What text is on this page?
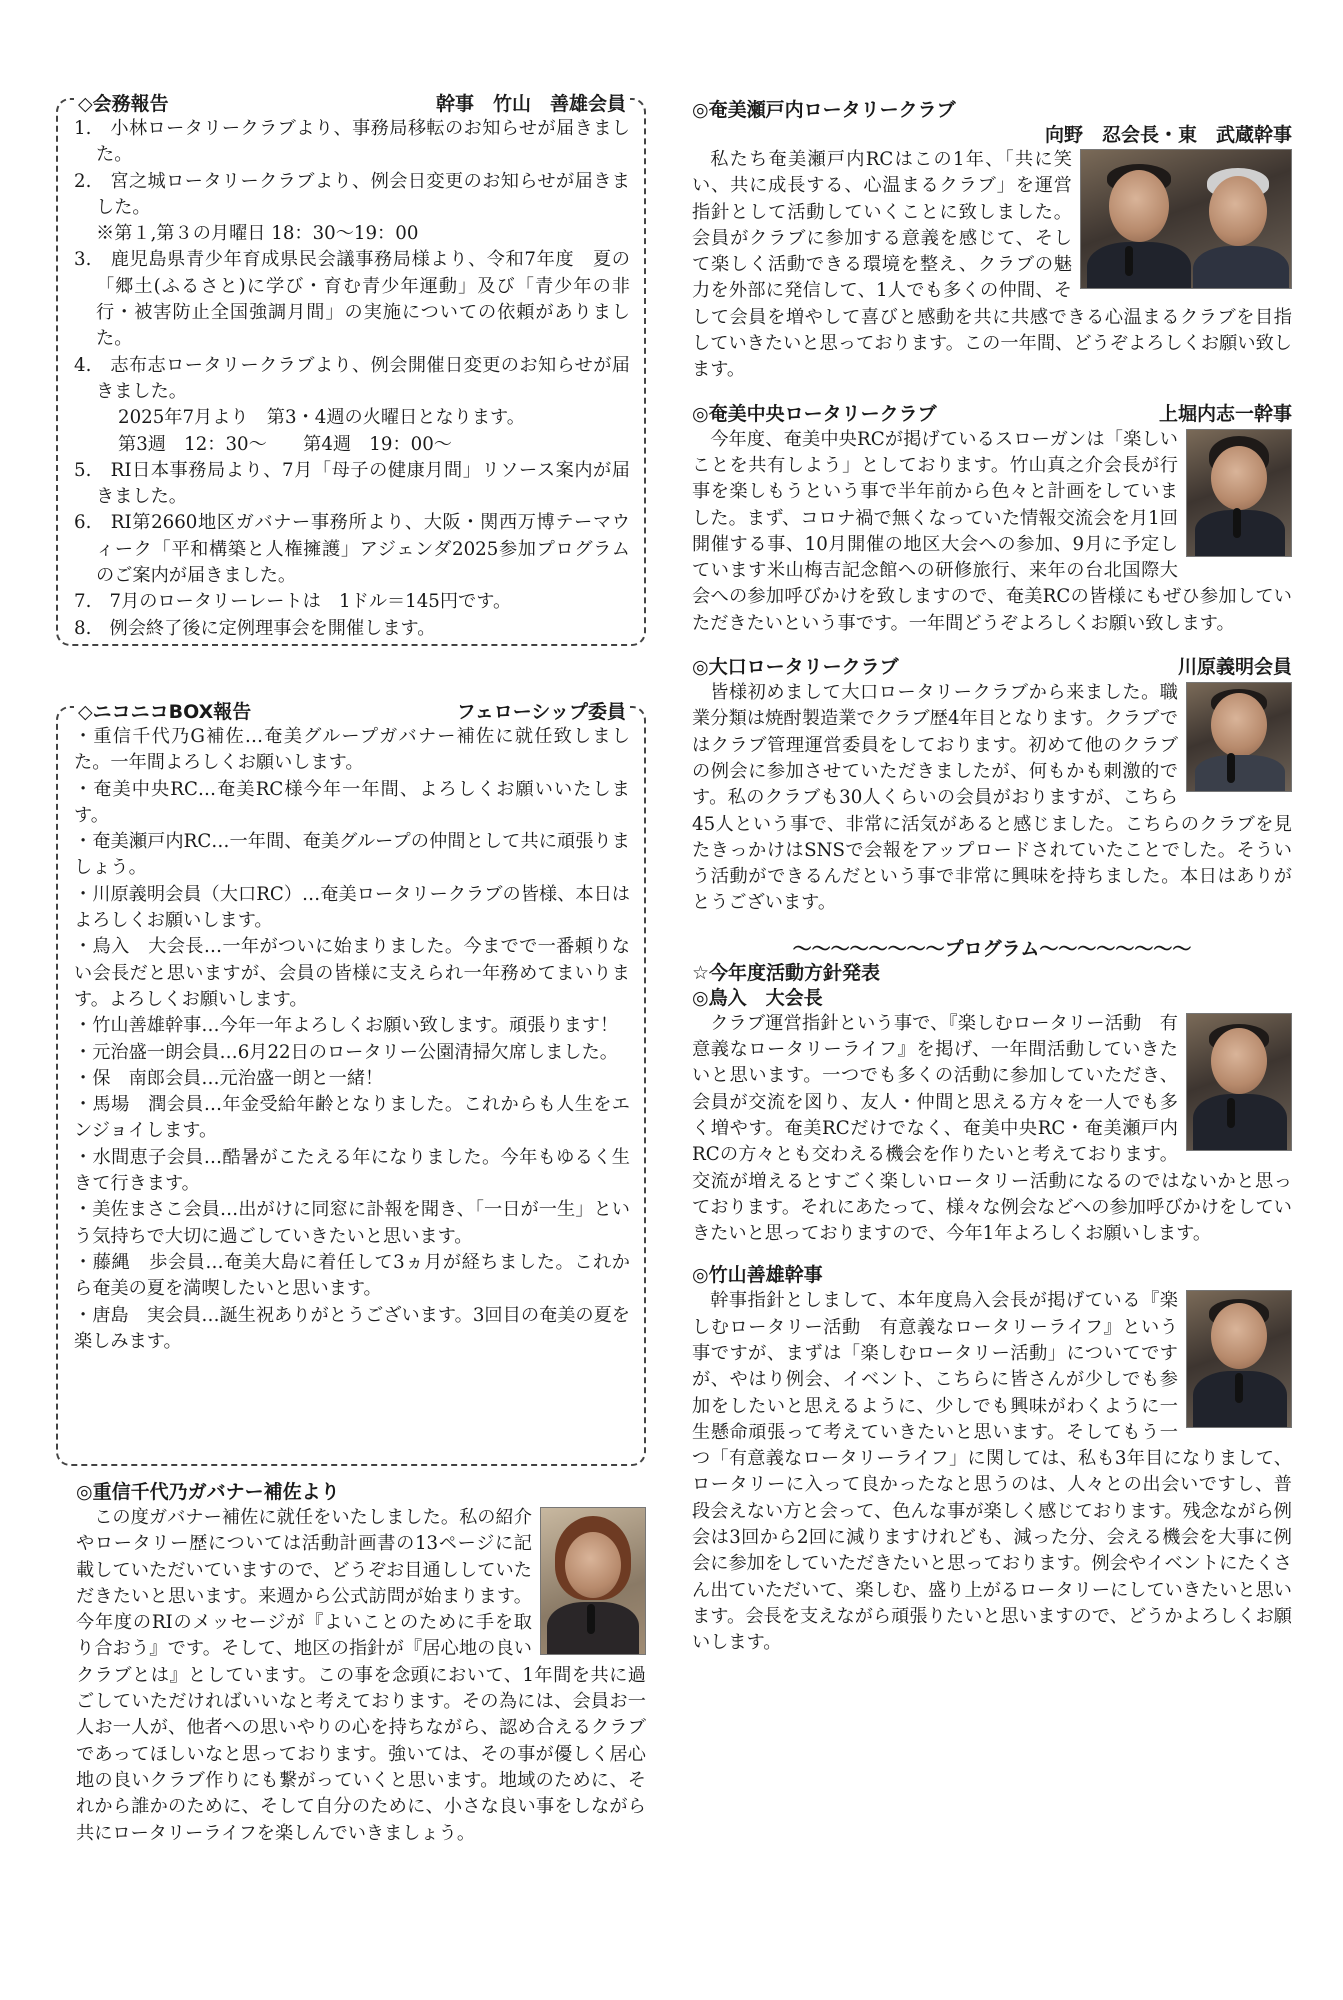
◇会務報告	幹事　竹山　善雄会員
1.　小林ロータリークラブより、事務局移転のお知らせが届きました。
2.　宮之城ロータリークラブより、例会日変更のお知らせが届きました。
※第１,第３の月曜日 18：30～19：00
3.　鹿児島県青少年育成県民会議事務局様より、令和7年度　夏の「郷土(ふるさと)に学び・育む青少年運動」及び「青少年の非行・被害防止全国強調月間」の実施についての依頼がありました。
4.　志布志ロータリークラブより、例会開催日変更のお知らせが届きました。
2025年7月より　第3・4週の火曜日となります。
第3週　12：30～　　第4週　19：00～
5.　RI日本事務局より、7月「母子の健康月間」リソース案内が届きました。
6.　RI第2660地区ガバナー事務所より、大阪・関西万博テーマウィーク「平和構築と人権擁護」アジェンダ2025参加プログラムのご案内が届きました。
7.　7月のロータリーレートは　1ドル＝145円です。
8.　例会終了後に定例理事会を開催します。
◇ニコニコBOX報告	フェローシップ委員
・重信千代乃G補佐…奄美グループガバナー補佐に就任致しました。一年間よろしくお願いします。
・奄美中央RC…奄美RC様今年一年間、よろしくお願いいたします。
・奄美瀬戸内RC…一年間、奄美グループの仲間として共に頑張りましょう。
・川原義明会員（大口RC）…奄美ロータリークラブの皆様、本日はよろしくお願いします。
・鳥入　大会長…一年がついに始まりました。今までで一番頼りない会長だと思いますが、会員の皆様に支えられ一年務めてまいります。よろしくお願いします。
・竹山善雄幹事…今年一年よろしくお願い致します。頑張ります！
・元治盛一朗会員…6月22日のロータリー公園清掃欠席しました。
・保　南郎会員…元治盛一朗と一緒！
・馬場　潤会員…年金受給年齢となりました。これからも人生をエンジョイします。
・水間恵子会員…酷暑がこたえる年になりました。今年もゆるく生きて行きます。
・美佐まさこ会員…出がけに同窓に訃報を聞き、「一日が一生」という気持ちで大切に過ごしていきたいと思います。
・藤縄　歩会員…奄美大島に着任して3ヵ月が経ちました。これから奄美の夏を満喫したいと思います。
・唐島　実会員…誕生祝ありがとうございます。3回目の奄美の夏を楽しみます。
◎重信千代乃ガバナー補佐より
この度ガバナー補佐に就任をいたしました。私の紹介やロータリー歴については活動計画書の13ページに記載していただいていますので、どうぞお目通ししていただきたいと思います。来週から公式訪問が始まります。今年度のRIのメッセージが『よいことのために手を取り合おう』です。そして、地区の指針が『居心地の良いクラブとは』としています。この事を念頭において、1年間を共に過ごしていただければいいなと考えております。その為には、会員お一人お一人が、他者への思いやりの心を持ちながら、認め合えるクラブであってほしいなと思っております。強いては、その事が優しく居心地の良いクラブ作りにも繋がっていくと思います。地域のために、それから誰かのために、そして自分のために、小さな良い事をしながら共にロータリーライフを楽しんでいきましょう。
◎奄美瀬戸内ロータリークラブ
向野　忍会長・東　武蔵幹事
私たち奄美瀬戸内RCはこの1年、「共に笑い、共に成長する、心温まるクラブ」を運営指針として活動していくことに致しました。会員がクラブに参加する意義を感じて、そして楽しく活動できる環境を整え、クラブの魅力を外部に発信して、1人でも多くの仲間、そして会員を増やして喜びと感動を共に共感できる心温まるクラブを目指していきたいと思っております。この一年間、どうぞよろしくお願い致します。
◎奄美中央ロータリークラブ	上堀内志一幹事
今年度、奄美中央RCが掲げているスローガンは「楽しいことを共有しよう」としております。竹山真之介会長が行事を楽しもうという事で半年前から色々と計画をしていました。まず、コロナ禍で無くなっていた情報交流会を月1回開催する事、10月開催の地区大会への参加、9月に予定しています米山梅吉記念館への研修旅行、来年の台北国際大会への参加呼びかけを致しますので、奄美RCの皆様にもぜひ参加していただきたいという事です。一年間どうぞよろしくお願い致します。
◎大口ロータリークラブ	川原義明会員
皆様初めまして大口ロータリークラブから来ました。職業分類は焼酎製造業でクラブ歴4年目となります。クラブではクラブ管理運営委員をしております。初めて他のクラブの例会に参加させていただきましたが、何もかも刺激的です。私のクラブも30人くらいの会員がおりますが、こちら45人という事で、非常に活気があると感じました。こちらのクラブを見たきっかけはSNSで会報をアップロードされていたことでした。そういう活動ができるんだという事で非常に興味を持ちました。本日はありがとうございます。
～～～～～～～～プログラム～～～～～～～～
☆今年度活動方針発表
◎鳥入　大会長
クラブ運営指針という事で、『楽しむロータリー活動　有意義なロータリーライフ』を掲げ、一年間活動していきたいと思います。一つでも多くの活動に参加していただき、会員が交流を図り、友人・仲間と思える方々を一人でも多く増やす。奄美RCだけでなく、奄美中央RC・奄美瀬戸内RCの方々とも交わえる機会を作りたいと考えております。交流が増えるとすごく楽しいロータリー活動になるのではないかと思っております。それにあたって、様々な例会などへの参加呼びかけをしていきたいと思っておりますので、今年1年よろしくお願いします。
◎竹山善雄幹事
幹事指針としまして、本年度鳥入会長が掲げている『楽しむロータリー活動　有意義なロータリーライフ』という事ですが、まずは「楽しむロータリー活動」についてですが、やはり例会、イベント、こちらに皆さんが少しでも参加をしたいと思えるように、少しでも興味がわくように一生懸命頑張って考えていきたいと思います。そしてもう一つ「有意義なロータリーライフ」に関しては、私も3年目になりまして、ロータリーに入って良かったなと思うのは、人々との出会いですし、普段会えない方と会って、色んな事が楽しく感じております。残念ながら例会は3回から2回に減りますけれども、減った分、会える機会を大事に例会に参加をしていただきたいと思っております。例会やイベントにたくさん出ていただいて、楽しむ、盛り上がるロータリーにしていきたいと思います。会長を支えながら頑張りたいと思いますので、どうかよろしくお願いします。
